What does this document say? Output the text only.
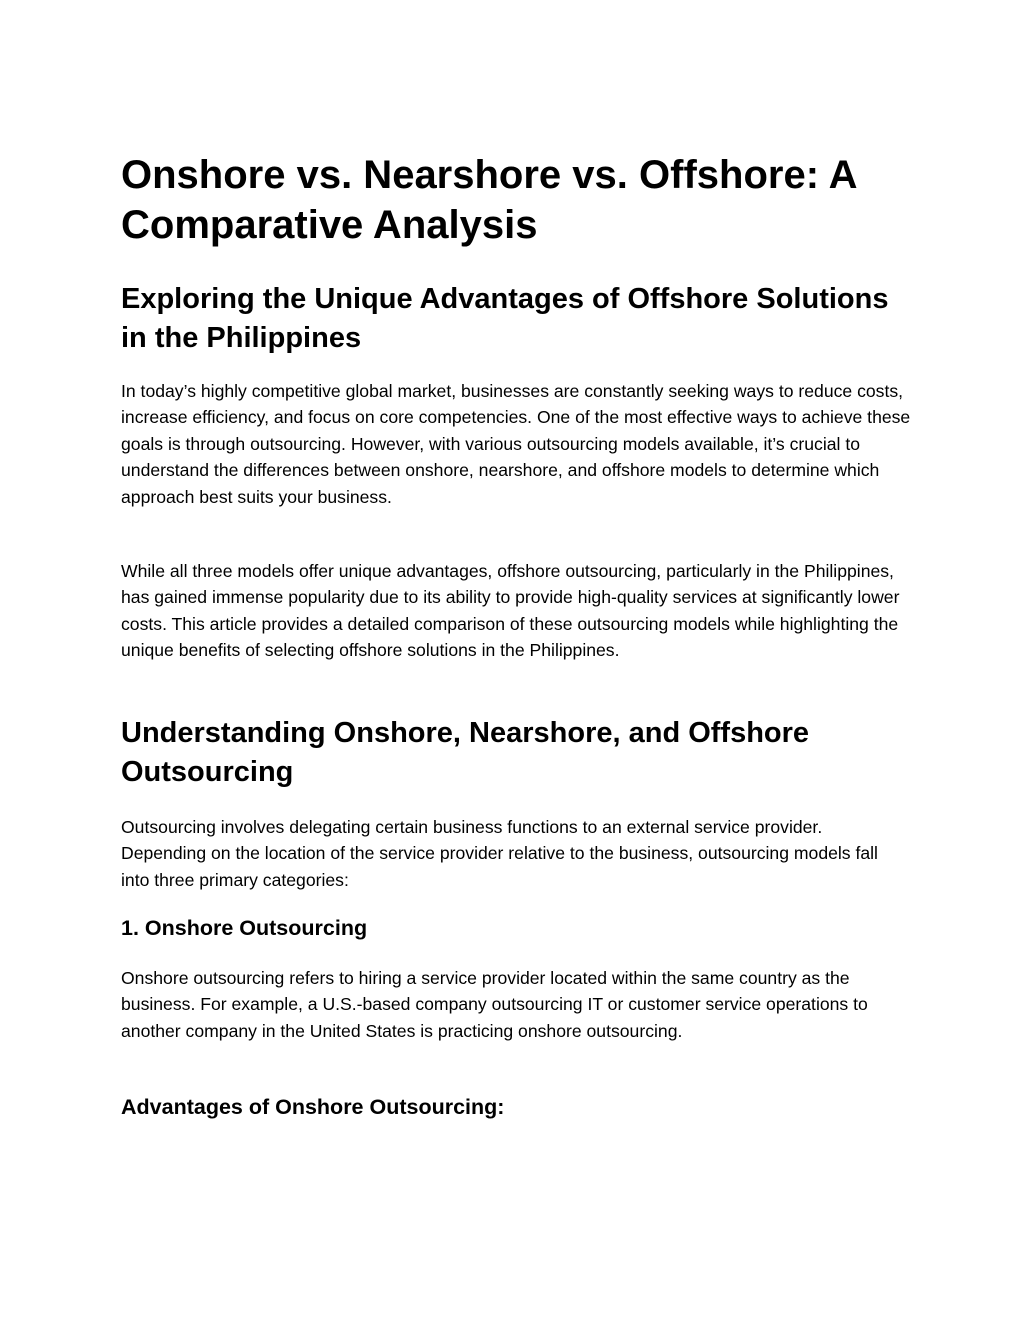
Onshore vs. Nearshore vs. Offshore: A Comparative Analysis
Exploring the Unique Advantages of Offshore Solutions in the Philippines

In today’s highly competitive global market, businesses are constantly seeking ways to reduce costs, increase efficiency, and focus on core competencies. One of the most effective ways to achieve these goals is through outsourcing. However, with various outsourcing models available, it’s crucial to understand the differences between onshore, nearshore, and offshore models to determine which approach best suits your business.

While all three models offer unique advantages, offshore outsourcing, particularly in the Philippines, has gained immense popularity due to its ability to provide high-quality services at significantly lower costs. This article provides a detailed comparison of these outsourcing models while highlighting the unique benefits of selecting offshore solutions in the Philippines.

Understanding Onshore, Nearshore, and Offshore Outsourcing

Outsourcing involves delegating certain business functions to an external service provider. Depending on the location of the service provider relative to the business, outsourcing models fall into three primary categories:

1. Onshore Outsourcing

Onshore outsourcing refers to hiring a service provider located within the same country as the business. For example, a U.S.-based company outsourcing IT or customer service operations to another company in the United States is practicing onshore outsourcing.

Advantages of Onshore Outsourcing:
